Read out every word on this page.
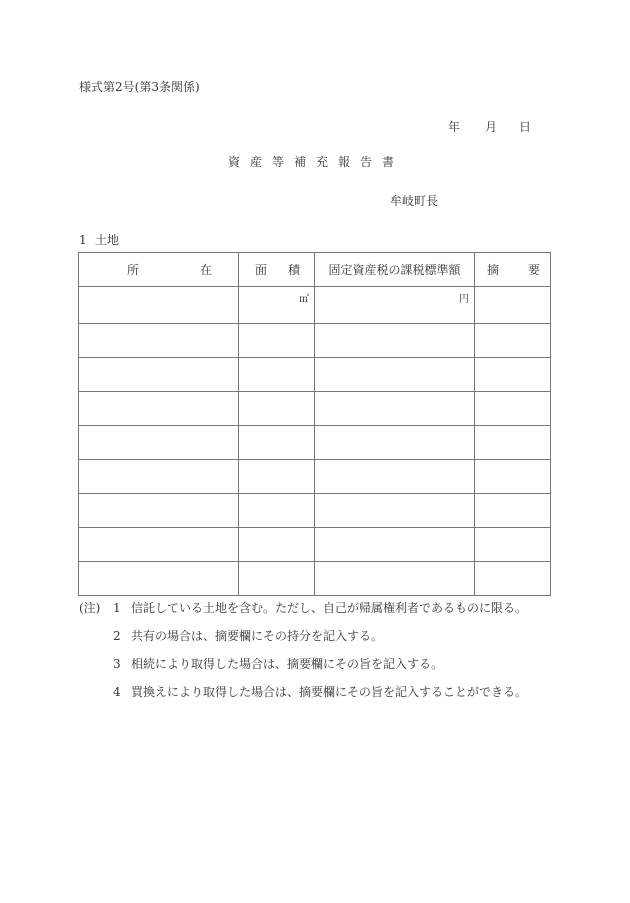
様式第2号(第3条関係)
年 月 日
資 産 等 補 充 報 告 書
牟岐町長
1 土地
所 在	面 積	固定資産税の課税標準額	摘 要

	㎡	円	

(注) 1 信託している土地を含む。ただし、自己が帰属権利者であるものに限る。
2 共有の場合は、摘要欄にその持分を記入する。
3 相続により取得した場合は、摘要欄にその旨を記入する。
4 買換えにより取得した場合は、摘要欄にその旨を記入することができる。
